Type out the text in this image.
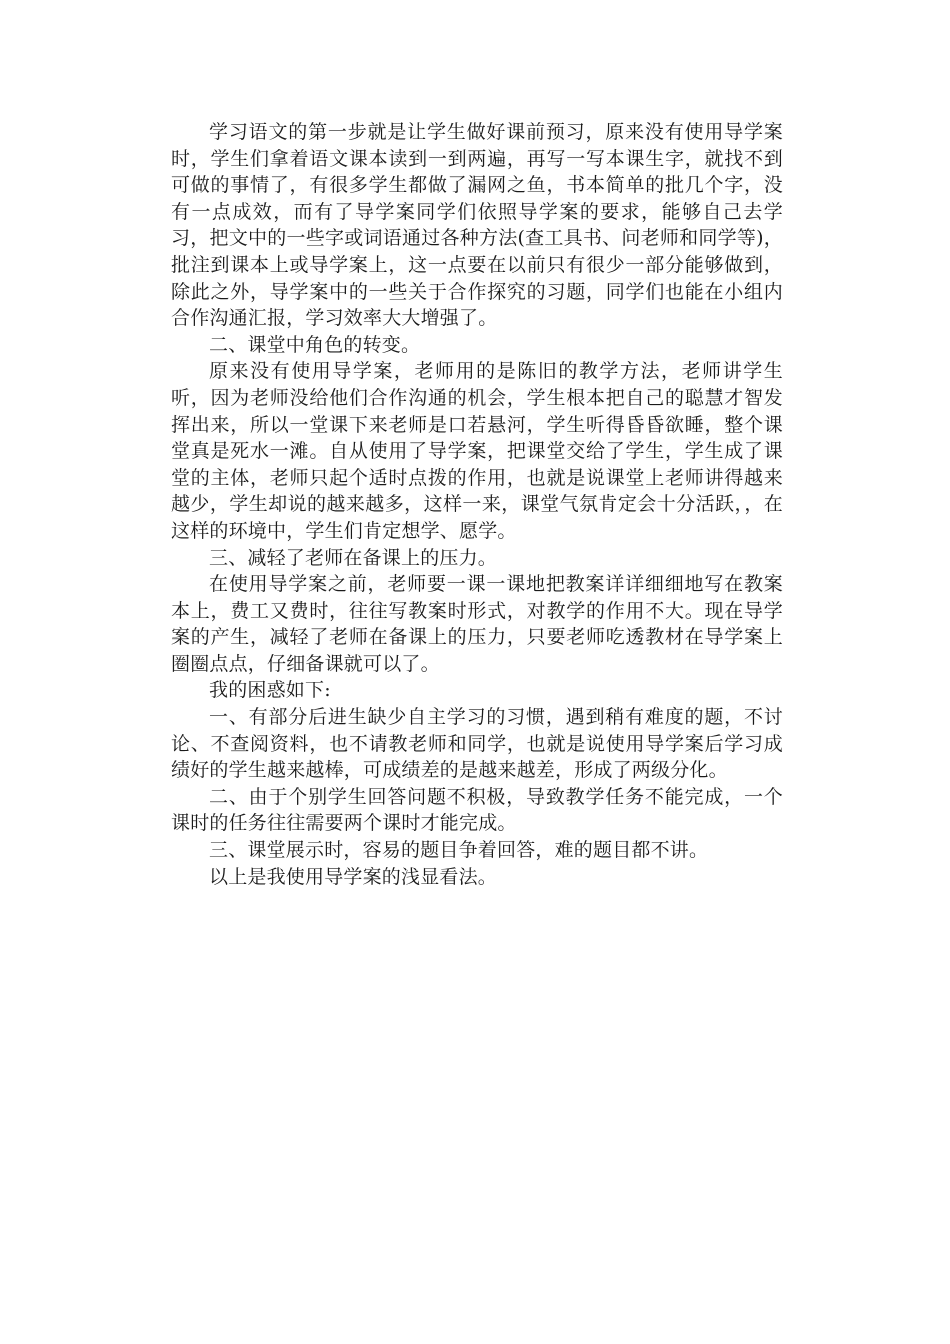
学习语文的第一步就是让学生做好课前预习，原来没有使用导学案时，学生们拿着语文课本读到一到两遍，再写一写本课生字，就找不到可做的事情了，有很多学生都做了漏网之鱼，书本简单的批几个字，没有一点成效，而有了导学案同学们依照导学案的要求，能够自己去学习，把文中的一些字或词语通过各种方法(查工具书、问老师和同学等)，批注到课本上或导学案上，这一点要在以前只有很少一部分能够做到，除此之外，导学案中的一些关于合作探究的习题，同学们也能在小组内合作沟通汇报，学习效率大大增强了。

二、课堂中角色的转变。

原来没有使用导学案，老师用的是陈旧的教学方法，老师讲学生听，因为老师没给他们合作沟通的机会，学生根本把自己的聪慧才智发挥出来，所以一堂课下来老师是口若悬河，学生听得昏昏欲睡，整个课堂真是死水一滩。自从使用了导学案，把课堂交给了学生，学生成了课堂的主体，老师只起个适时点拨的作用，也就是说课堂上老师讲得越来越少，学生却说的越来越多，这样一来，课堂气氛肯定会十分活跃，，在这样的环境中，学生们肯定想学、愿学。

三、减轻了老师在备课上的压力。

在使用导学案之前，老师要一课一课地把教案详详细细地写在教案本上，费工又费时，往往写教案时形式，对教学的作用不大。现在导学案的产生，减轻了老师在备课上的压力，只要老师吃透教材在导学案上圈圈点点，仔细备课就可以了。

我的困惑如下:

一、有部分后进生缺少自主学习的习惯，遇到稍有难度的题，不讨论、不查阅资料，也不请教老师和同学，也就是说使用导学案后学习成绩好的学生越来越棒，可成绩差的是越来越差，形成了两级分化。

二、由于个别学生回答问题不积极，导致教学任务不能完成，一个课时的任务往往需要两个课时才能完成。

三、课堂展示时，容易的题目争着回答，难的题目都不讲。

以上是我使用导学案的浅显看法。
